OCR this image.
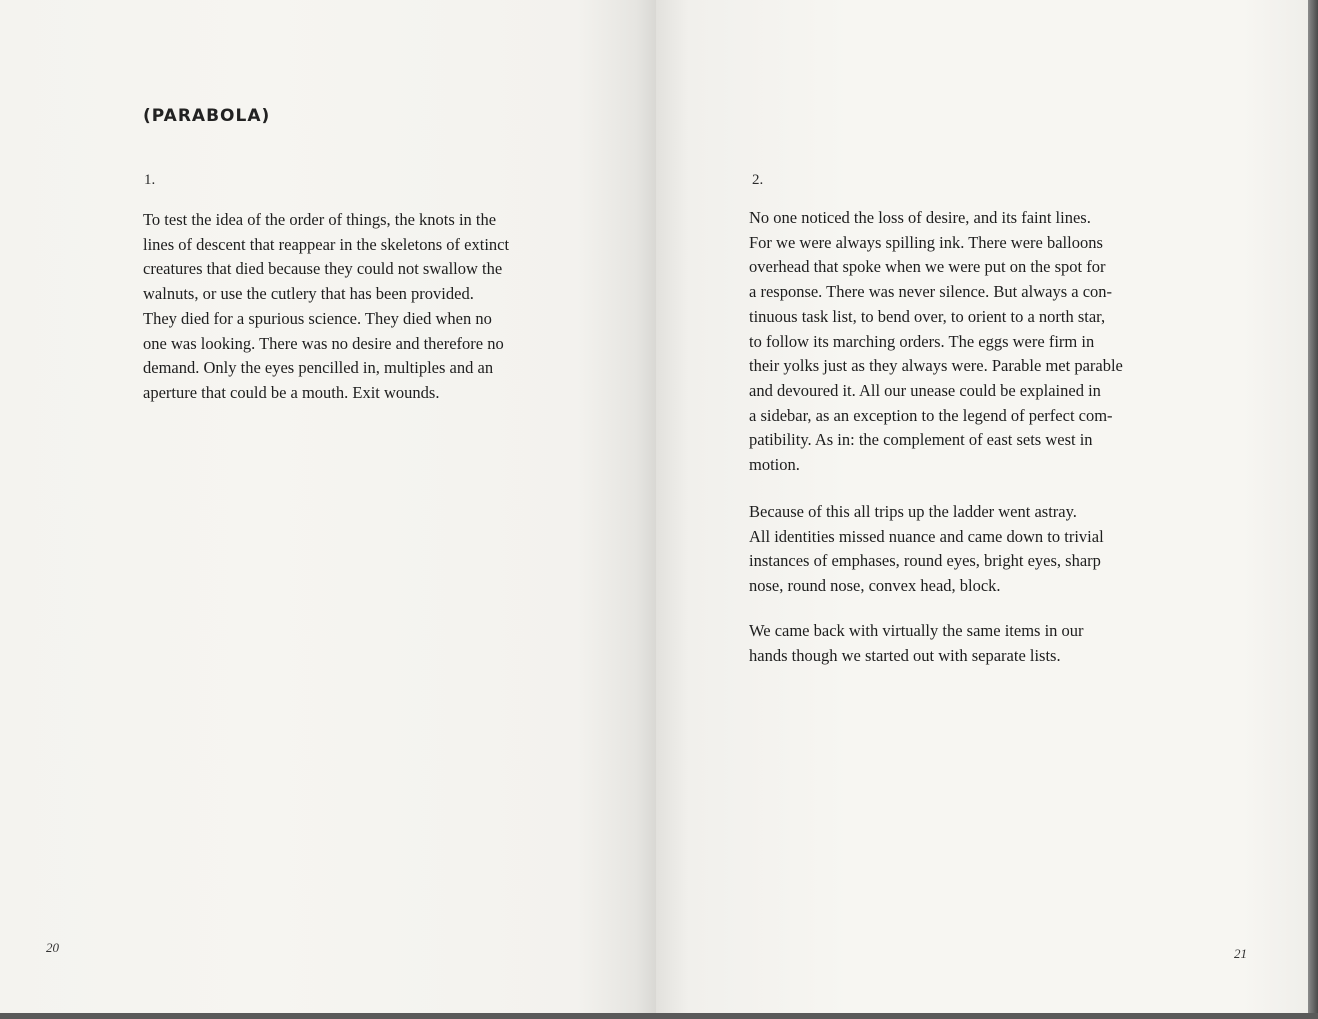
(PARABOLA)

1.

To test the idea of the order of things, the knots in the
lines of descent that reappear in the skeletons of extinct
creatures that died because they could not swallow the
walnuts, or use the cutlery that has been provided.
They died for a spurious science. They died when no
one was looking. There was no desire and therefore no
demand. Only the eyes pencilled in, multiples and an
aperture that could be a mouth. Exit wounds.

20

2.

No one noticed the loss of desire, and its faint lines.
For we were always spilling ink. There were balloons
overhead that spoke when we were put on the spot for
a response. There was never silence. But always a con-
tinuous task list, to bend over, to orient to a north star,
to follow its marching orders. The eggs were firm in
their yolks just as they always were. Parable met parable
and devoured it. All our unease could be explained in
a sidebar, as an exception to the legend of perfect com-
patibility. As in: the complement of east sets west in
motion.

Because of this all trips up the ladder went astray.
All identities missed nuance and came down to trivial
instances of emphases, round eyes, bright eyes, sharp
nose, round nose, convex head, block.

We came back with virtually the same items in our
hands though we started out with separate lists.

21
